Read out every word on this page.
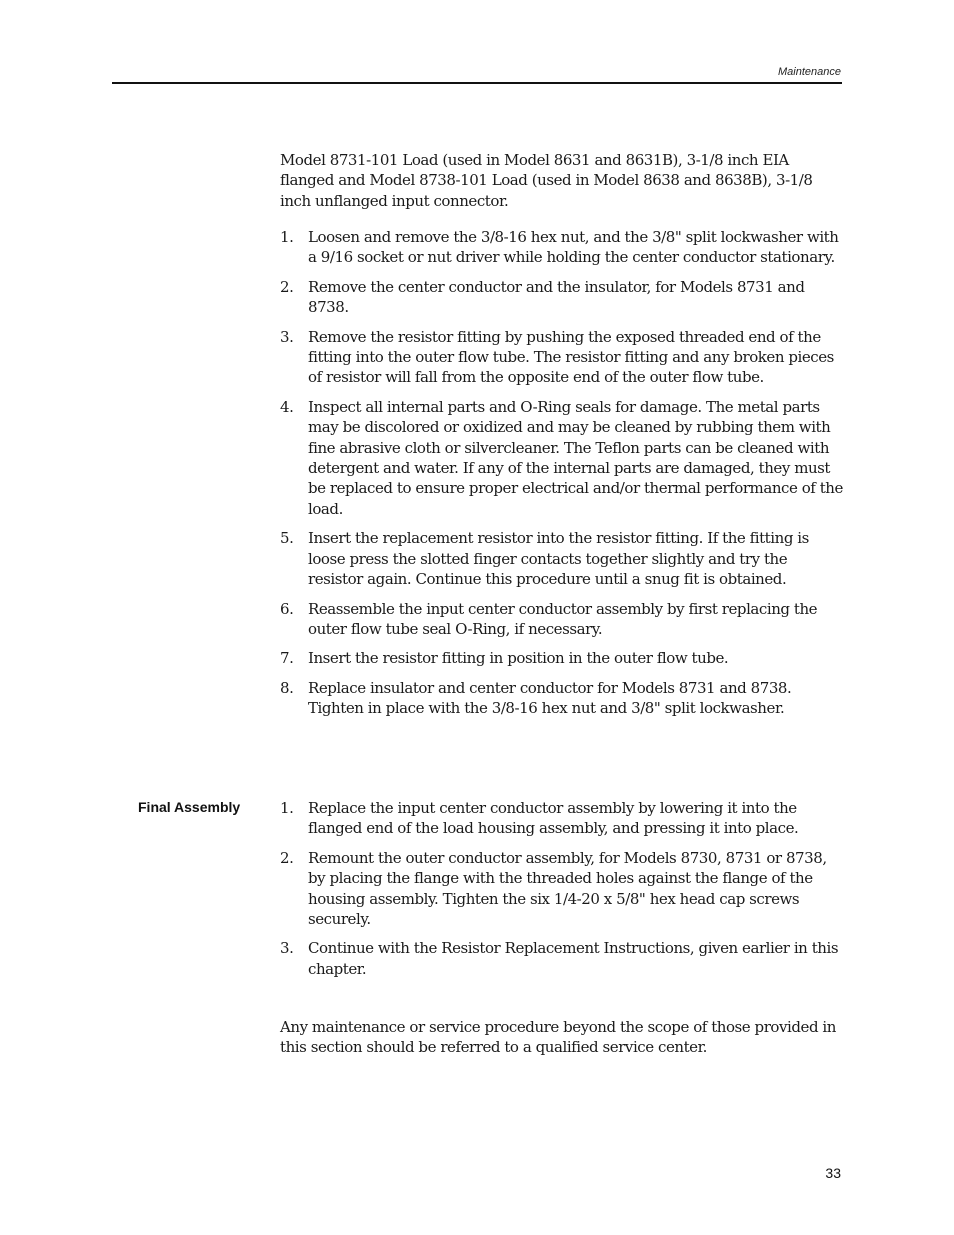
Maintenance

Model 8731-101 Load (used in Model 8631 and 8631B), 3-1/8 inch EIA flanged and Model 8738-101 Load (used in Model 8638 and 8638B), 3-1/8 inch unflanged input connector.

1. Loosen and remove the 3/8-16 hex nut, and the 3/8" split lockwasher with a 9/16 socket or nut driver while holding the center conductor stationary.
2. Remove the center conductor and the insulator, for Models 8731 and 8738.
3. Remove the resistor fitting by pushing the exposed threaded end of the fitting into the outer flow tube. The resistor fitting and any broken pieces of resistor will fall from the opposite end of the outer flow tube.
4. Inspect all internal parts and O-Ring seals for damage. The metal parts may be discolored or oxidized and may be cleaned by rubbing them with fine abrasive cloth or silvercleaner. The Teflon parts can be cleaned with detergent and water. If any of the internal parts are damaged, they must be replaced to ensure proper electrical and/or thermal performance of the load.
5. Insert the replacement resistor into the resistor fitting. If the fitting is loose press the slotted finger contacts together slightly and try the resistor again. Continue this procedure until a snug fit is obtained.
6. Reassemble the input center conductor assembly by first replacing the outer flow tube seal O-Ring, if necessary.
7. Insert the resistor fitting in position in the outer flow tube.
8. Replace insulator and center conductor for Models 8731 and 8738. Tighten in place with the 3/8-16 hex nut and 3/8" split lockwasher.
Final Assembly	1. Replace the input center conductor assembly by lowering it into the flanged end of the load housing assembly, and pressing it into place.
2. Remount the outer conductor assembly, for Models 8730, 8731 or 8738, by placing the flange with the threaded holes against the flange of the housing assembly. Tighten the six 1/4-20 x 5/8" hex head cap screws securely.
3. Continue with the Resistor Replacement Instructions, given earlier in this chapter.

Any maintenance or service procedure beyond the scope of those provided in this section should be referred to a qualified service center.

33
